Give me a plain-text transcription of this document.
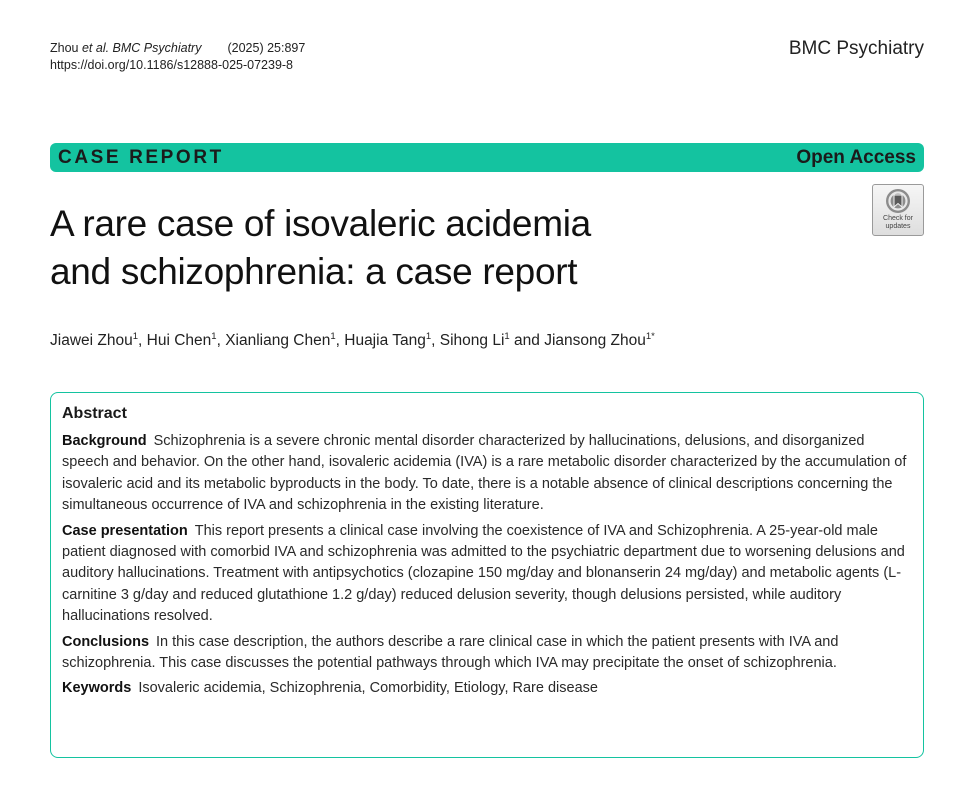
Zhou et al. BMC Psychiatry (2025) 25:897
https://doi.org/10.1186/s12888-025-07239-8
BMC Psychiatry
CASE REPORT	Open Access
A rare case of isovaleric acidemia
and schizophrenia: a case report
Check for
updates
Jiawei Zhou$^1$, Hui Chen$^1$, Xianliang Chen$^1$, Huajia Tang$^1$, Sihong Li$^1$ and Jiansong Zhou$^{1*}$
Abstract
Background Schizophrenia is a severe chronic mental disorder characterized by hallucinations, delusions, and disorganized speech and behavior. On the other hand, isovaleric acidemia (IVA) is a rare metabolic disorder characterized by the accumulation of isovaleric acid and its metabolic byproducts in the body. To date, there is a notable absence of clinical descriptions concerning the simultaneous occurrence of IVA and schizophrenia in the existing literature.
Case presentation This report presents a clinical case involving the coexistence of IVA and Schizophrenia. A 25-year-old male patient diagnosed with comorbid IVA and schizophrenia was admitted to the psychiatric department due to worsening delusions and auditory hallucinations. Treatment with antipsychotics (clozapine 150 mg/day and blonanserin 24 mg/day) and metabolic agents (L-carnitine 3 g/day and reduced glutathione 1.2 g/day) reduced delusion severity, though delusions persisted, while auditory hallucinations resolved.
Conclusions In this case description, the authors describe a rare clinical case in which the patient presents with IVA and schizophrenia. This case discusses the potential pathways through which IVA may precipitate the onset of schizophrenia.
Keywords Isovaleric acidemia, Schizophrenia, Comorbidity, Etiology, Rare disease
